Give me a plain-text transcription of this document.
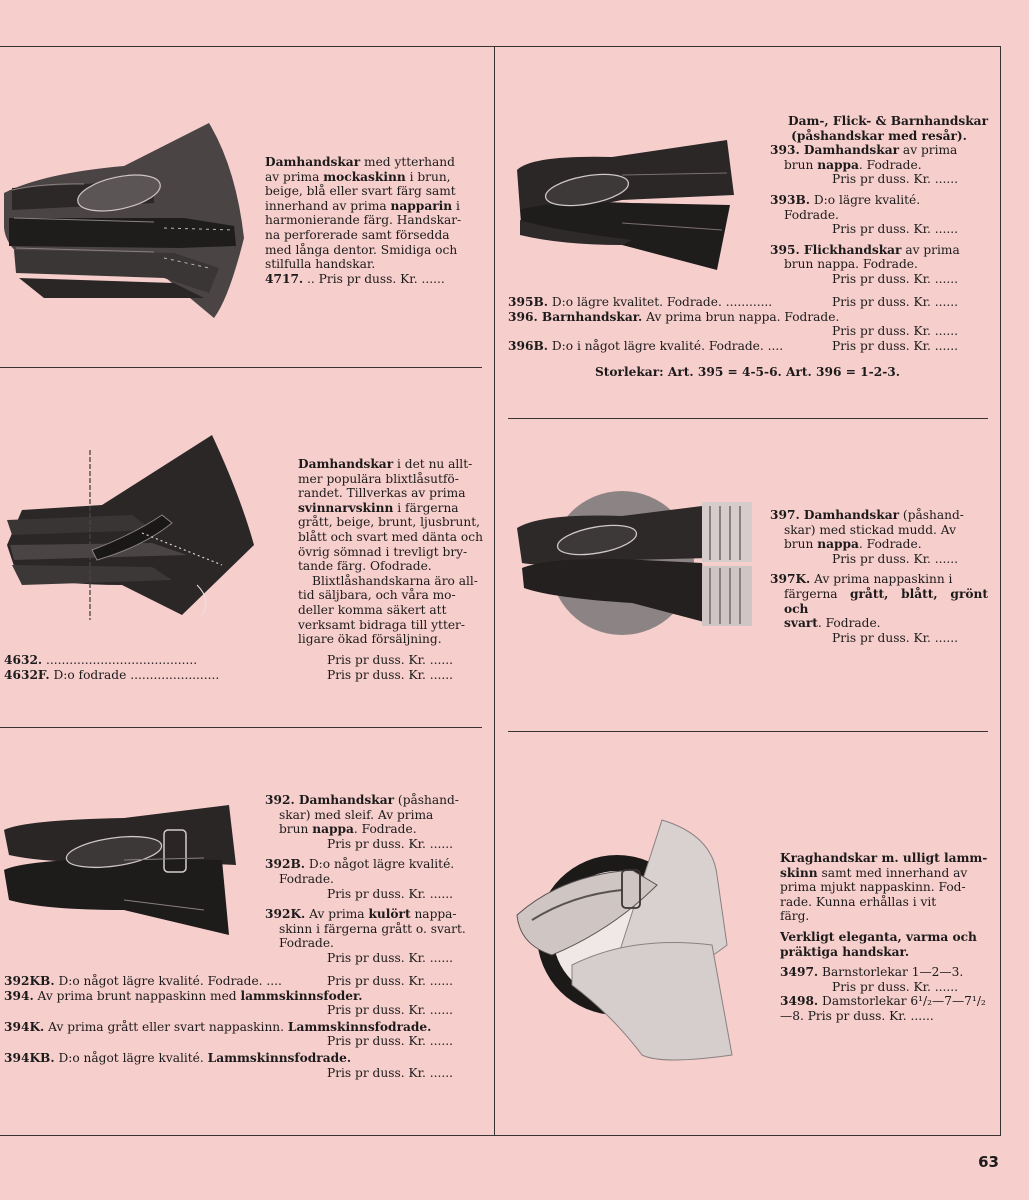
Damhandskar med ytterhand

av prima mockaskinn i brun,

beige, blå eller svart färg samt

innerhand av prima napparin i

harmonierande färg. Handskar-

na perforerade samt försedda

med långa dentor. Smidiga och

stilfulla handskar.

4717. .. Pris pr duss. Kr. ......

Damhandskar i det nu allt-

mer populära blixtlåsutfö-

randet. Tillverkas av prima

svinnarvskinn i färgerna

grått, beige, brunt, ljusbrunt,

blått och svart med dänta och

övrig sömnad i trevligt bry-

tande färg. Ofodrade.

Blixtlåshandskarna äro all-

tid säljbara, och våra mo-

deller komma säkert att

verksamt bidraga till ytter-

ligare ökad försäljning.

4632. .......................................	Pris pr duss. Kr. ......

4632F. D:o fodrade .......................	Pris pr duss. Kr. ......

392. Damhandskar (påshand-

skar) med sleif. Av prima

brun nappa. Fodrade.

Pris pr duss. Kr. ......

392B. D:o något lägre kvalité.

Fodrade.

Pris pr duss. Kr. ......

392K. Av prima kulört nappa-

skinn i färgerna grått o. svart.

Fodrade.

Pris pr duss. Kr. ......

392KB. D:o något lägre kvalité. Fodrade. ....	Pris pr duss. Kr. ......

394. Av prima brunt nappaskinn med lammskinnsfoder.

Pris pr duss. Kr. ......

394K. Av prima grått eller svart nappaskinn. Lammskinnsfodrade.

Pris pr duss. Kr. ......

394KB. D:o något lägre kvalité. Lammskinnsfodrade.

Pris pr duss. Kr. ......

Dam-, Flick- & Barnhandskar

(påshandskar med resår).

393. Damhandskar av prima

brun nappa. Fodrade.

Pris pr duss. Kr. ......

393B. D:o lägre kvalité.

Fodrade.

Pris pr duss. Kr. ......

395. Flickhandskar av prima

brun nappa. Fodrade.

Pris pr duss. Kr. ......

395B. D:o lägre kvalitet. Fodrade. ............	Pris pr duss. Kr. ......

396. Barnhandskar. Av prima brun nappa. Fodrade.

Pris pr duss. Kr. ......

396B. D:o i något lägre kvalité. Fodrade. ....	Pris pr duss. Kr. ......

Storlekar: Art. 395 = 4-5-6. Art. 396 = 1-2-3.

397. Damhandskar (påshand-

skar) med stickad mudd. Av

brun nappa. Fodrade.

Pris pr duss. Kr. ......

397K. Av prima nappaskinn i

färgerna grått, blått, grönt och

svart. Fodrade.

Pris pr duss. Kr. ......

Kraghandskar m. ulligt lamm-

skinn samt med innerhand av

prima mjukt nappaskinn. Fod-

rade. Kunna erhållas i vit

färg.

Verkligt eleganta, varma och

präktiga handskar.

3497. Barnstorlekar 1—2—3.

Pris pr duss. Kr. ......

3498. Damstorlekar 6¹/₂—7—7¹/₂

—8. Pris pr duss. Kr. ......

63
